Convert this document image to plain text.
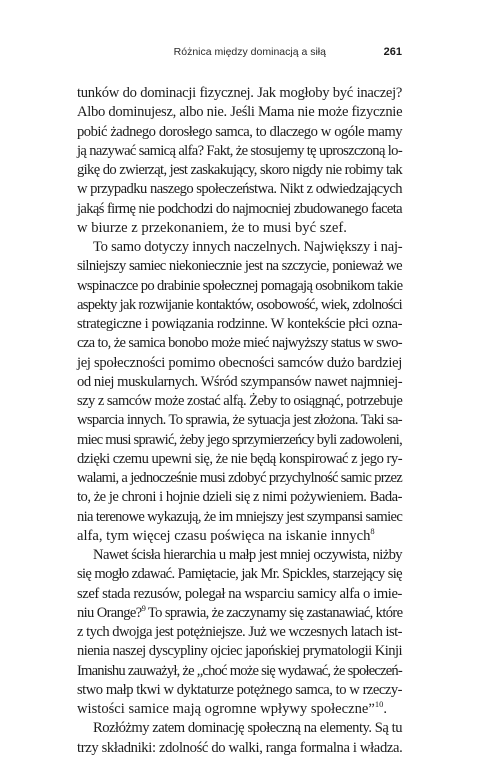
Różnica między dominacją a siłą	261

tunków do dominacji fizycznej. Jak mogłoby być inaczej?
Albo dominujesz, albo nie. Jeśli Mama nie może fizycznie
pobić żadnego dorosłego samca, to dlaczego w ogóle mamy
ją nazywać samicą alfa? Fakt, że stosujemy tę uproszczoną lo-
gikę do zwierząt, jest zaskakujący, skoro nigdy nie robimy tak
w przypadku naszego społeczeństwa. Nikt z odwiedzających
jakąś firmę nie podchodzi do najmocniej zbudowanego faceta
w biurze z przekonaniem, że to musi być szef.

To samo dotyczy innych naczelnych. Największy i naj-
silniejszy samiec niekoniecznie jest na szczycie, ponieważ we
wspinaczce po drabinie społecznej pomagają osobnikom takie
aspekty jak rozwijanie kontaktów, osobowość, wiek, zdolności
strategiczne i powiązania rodzinne. W kontekście płci ozna-
cza to, że samica bonobo może mieć najwyższy status w swo-
jej społeczności pomimo obecności samców dużo bardziej
od niej muskularnych. Wśród szympansów nawet najmniej-
szy z samców może zostać alfą. Żeby to osiągnąć, potrzebuje
wsparcia innych. To sprawia, że sytuacja jest złożona. Taki sa-
miec musi sprawić, żeby jego sprzymierzeńcy byli zadowoleni,
dzięki czemu upewni się, że nie będą konspirować z jego ry-
walami, a jednocześnie musi zdobyć przychylność samic przez
to, że je chroni i hojnie dzieli się z nimi pożywieniem. Bada-
nia terenowe wykazują, że im mniejszy jest szympansi samiec
alfa, tym więcej czasu poświęca na iskanie innych$^8$

Nawet ścisła hierarchia u małp jest mniej oczywista, niżby
się mogło zdawać. Pamiętacie, jak Mr. Spickles, starzejący się
szef stada rezusów, polegał na wsparciu samicy alfa o imie-
niu Orange?$^9$ To sprawia, że zaczynamy się zastanawiać, które
z tych dwojga jest potężniejsze. Już we wczesnych latach ist-
nienia naszej dyscypliny ojciec japońskiej prymatologii Kinji
Imanishu zauważył, że „choć może się wydawać, że społeczeń-
stwo małp tkwi w dyktaturze potężnego samca, to w rzeczy-
wistości samice mają ogromne wpływy społeczne”$^{10}$.

Rozłóżmy zatem dominację społeczną na elementy. Są tu
trzy składniki: zdolność do walki, ranga formalna i władza.
